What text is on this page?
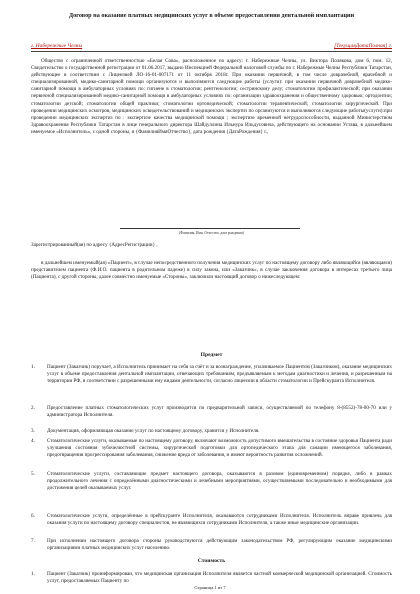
Договор на оказание платных медицинских услуг в объеме предоставления дентальной имплантации
г. Набережные Челны	[ТекущаяДатаПолная] г.
Общество с ограниченной ответственностью «Белая Сова», расположенное по адресу: г. Набережные Челны, ул. Виктора Полякова, дом 6, пом. 12, Свидетельство о государственной регистрации от 01.06.2017, выдано Инспекцией Федеральной налоговой службы по г. Набережные Челны Республики Татарстан, действующее в соответствии с Лицензией ЛО-16-01-007171 от 11 октября 2018г. При оказании первичной, в том числе доврачебной, врачебной и специализированной, медико-санитарной помощи организуются и выполняются следующие работы (услуги): при оказании первичной доврачебной медико-санитарной помощи в амбулаторных условиях по: гигиене в стоматологии; рентгенологии; сестринскому делу; стоматологии профилактической; при оказании первичной специализированной медико-санитарной помощи в амбулаторных условиях по: организации здравоохранения и общественному здоровью; ортодонтии; стоматологии детской; стоматологии общей практики; стоматологии ортопедической; стоматологии терапевтической; стоматологии хирургической. При проведении медицинских осмотров, медицинских освидетельствований и медицинских экспертиз по организуются и выполняются следующие работы(услуги):при проведении медицинских экспертиз по : экспертизе качества медицинской помощи ; экспертизе временной нетрудоспособности, выданной Министерством Здравоохранения Республики Татарстан в лице генерального директора Шайдуллина Ильнура Ильдусовича, действующего на основании Устава, в дальнейшем именуемое «Исполнитель», с одной стороны, и {ФамилияИмяОтчество}, дата рождения {ДатаРождения} г.,
(Фамилия, Имя, Отчество, дата рождения)
Зарегистрированный(ая) по адресу {АдресРегистрации} ,
в дальнейшем именуемый(ая) «Пациент», в случае непосредственного получения медицинских услуг по настоящему договору либо являющийся (являющаяся) представителем пациента (Ф.И.О. пациента в родительном падеже) в силу закона, или «Заказчик», в случае заключения договора в интересах третьего лица (Пациента), с другой стороны, далее совместно именуемые «Стороны», заключили настоящий договор о нижеследующем:
Предмет
1. Пациент (Заказчик) поручает, а Исполнитель принимает на себя за счёт и за вознаграждение, уплачиваемое Пациентом (Заказчиком), оказание медицинских услуг в объеме предоставления дентальной имплантации, отвечающих требованиям, предъявляемым к методам диагностики и лечения, и разрешенным на территории РФ, в соответствии с разрешенными ему видами деятельности, согласно лицензии в области стоматологии и Прейскуранта Исполнителя.
2. Предоставление платных стоматологических услуг производится по предварительной записи, осуществляемой по телефону 8-(8552)-78-00-70 или у администратора Исполнителя.
3. Документация, оформляющая оказание услуг по настоящему договору, хранится у Исполнителя.
4. Стоматологические услуги, оказываемые по настоящему договору, включают возможность допустимого вмешательства в состояние здоровья Пациента ради улучшения состояния зубочелюстной системы, хирургической подготовки для ортопедического этапа для санации имеющегося заболевания, предотвращения прогрессирования заболевания, снижение вреда от заболевания, и имеют вероятность развития осложнений.
5. Стоматологические услуги, составляющие предмет настоящего договора, оказываются в разовом (единовременном) порядке, либо в рамках продолжительного лечения с определёнными диагностическими и лечебными мероприятиями, осуществляемыми последовательно и необходимыми для достижения целей оказываемых услуг.
6. Стоматологические услуги, определённые в прейскуранте Исполнителя, оказываются сотрудниками Исполнителя. Исполнитель вправе привлечь для оказания услуги по настоящему договору специалистов, не являющихся сотрудниками Исполнителя, а также иные медицинские организации.
7. При исполнении настоящего договора стороны руководствуются действующим законодательством РФ, регулирующим оказание медицинскими организациями платных медицинских услуг населению.
Стоимость
1. Пациент (Заказчик) проинформирован, что медицинская организация Исполнителя является частной коммерческой медицинской организацией. Стоимость услуг, предоставляемых Пациенту по
Страница 1 из 7
